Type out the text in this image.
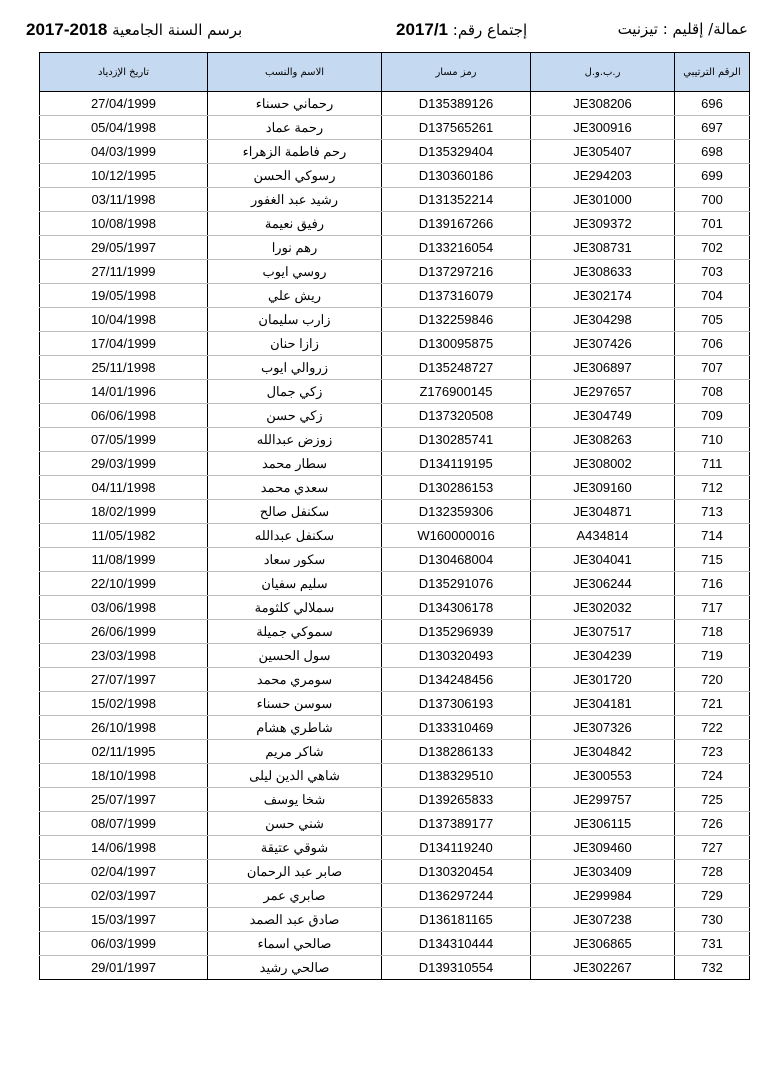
عمالة/ إقليم : تيزنيت
إجتماع رقم: 2017/1
برسم السنة الجامعية 2018-2017
الرقم الترتيبي	ر.ب.و.ل	رمز مسار	الاسم والنسب	تاريخ الإزدياد
696	JE308206	D135389126	رحماني حسناء	27/04/1999
697	JE300916	D137565261	رحمة عماد	05/04/1998
698	JE305407	D135329404	رحم فاطمة الزهراء	04/03/1999
699	JE294203	D130360186	رسوكي الحسن	10/12/1995
700	JE301000	D131352214	رشيد عبد الغفور	03/11/1998
701	JE309372	D139167266	رفيق نعيمة	10/08/1998
702	JE308731	D133216054	رهم نورا	29/05/1997
703	JE308633	D137297216	روسي ايوب	27/11/1999
704	JE302174	D137316079	ريش علي	19/05/1998
705	JE304298	D132259846	زارب سليمان	10/04/1998
706	JE307426	D130095875	زازا حنان	17/04/1999
707	JE306897	D135248727	زروالي ايوب	25/11/1998
708	JE297657	Z176900145	زكي جمال	14/01/1996
709	JE304749	D137320508	زكي حسن	06/06/1998
710	JE308263	D130285741	زوزض عبدالله	07/05/1999
711	JE308002	D134119195	سطار محمد	29/03/1999
712	JE309160	D130286153	سعدي محمد	04/11/1998
713	JE304871	D132359306	سكنفل صالح	18/02/1999
714	A434814	W160000016	سكنفل عبدالله	11/05/1982
715	JE304041	D130468004	سكور سعاد	11/08/1999
716	JE306244	D135291076	سليم سفيان	22/10/1999
717	JE302032	D134306178	سملالي كلثومة	03/06/1998
718	JE307517	D135296939	سموكي جميلة	26/06/1999
719	JE304239	D130320493	سول الحسين	23/03/1998
720	JE301720	D134248456	سومري محمد	27/07/1997
721	JE304181	D137306193	سوسن حسناء	15/02/1998
722	JE307326	D133310469	شاطري هشام	26/10/1998
723	JE304842	D138286133	شاكر مريم	02/11/1995
724	JE300553	D138329510	شاهي الدين ليلى	18/10/1998
725	JE299757	D139265833	شخا يوسف	25/07/1997
726	JE306115	D137389177	شني حسن	08/07/1999
727	JE309460	D134119240	شوقي عتيقة	14/06/1998
728	JE303409	D130320454	صابر عبد الرحمان	02/04/1997
729	JE299984	D136297244	صابري عمر	02/03/1997
730	JE307238	D136181165	صادق عبد الصمد	15/03/1997
731	JE306865	D134310444	صالحي اسماء	06/03/1999
732	JE302267	D139310554	صالحي رشيد	29/01/1997
